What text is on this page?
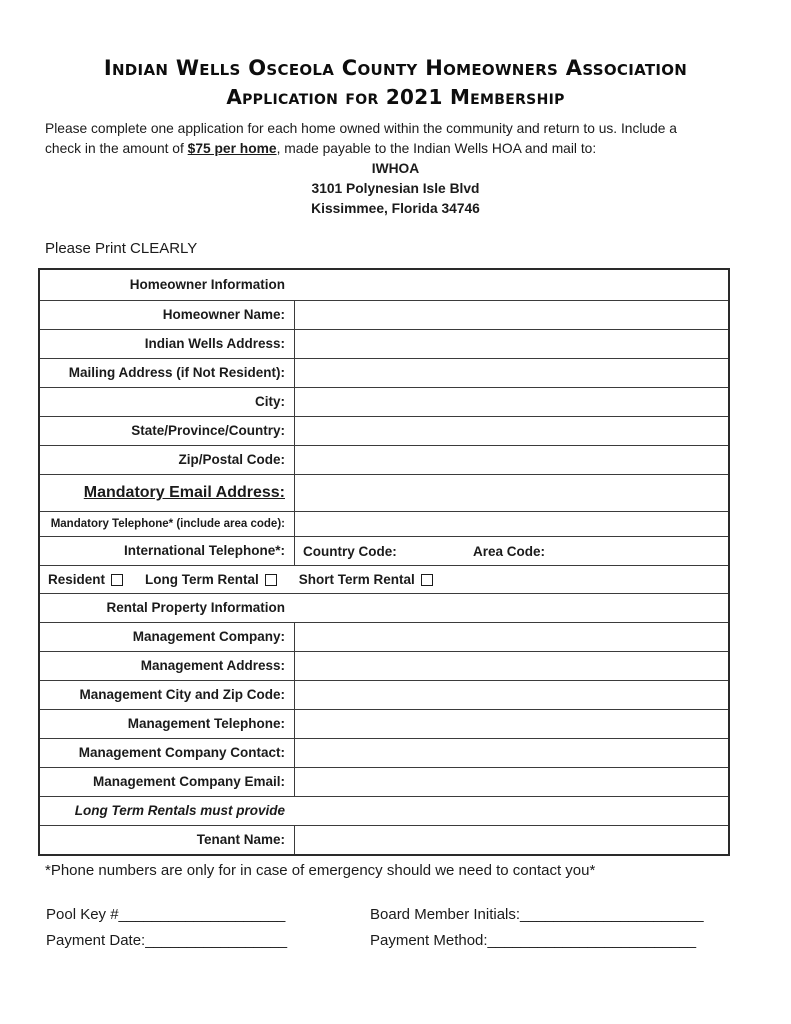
Indian Wells Osceola County Homeowners Association
Application for 2021 Membership
Please complete one application for each home owned within the community and return to us. Include a
check in the amount of $75 per home, made payable to the Indian Wells HOA and mail to:
IWHOA
3101 Polynesian Isle Blvd
Kissimmee, Florida 34746
Please Print CLEARLY
Homeowner Information
Homeowner Name:
Indian Wells Address:
Mailing Address (if Not Resident):
City:
State/Province/Country:
Zip/Postal Code:
Mandatory Email Address:
Mandatory Telephone* (include area code):
International Telephone*:	Country Code:	Area Code:
Resident	Long Term Rental	Short Term Rental
Rental Property Information
Management Company:
Management Address:
Management City and Zip Code:
Management Telephone:
Management Company Contact:
Management Company Email:
Long Term Rentals must provide
Tenant Name:
*Phone numbers are only for in case of emergency should we need to contact you*
Pool Key #____________________	Board Member Initials:______________________
Payment Date:_________________	Payment Method:_________________________
